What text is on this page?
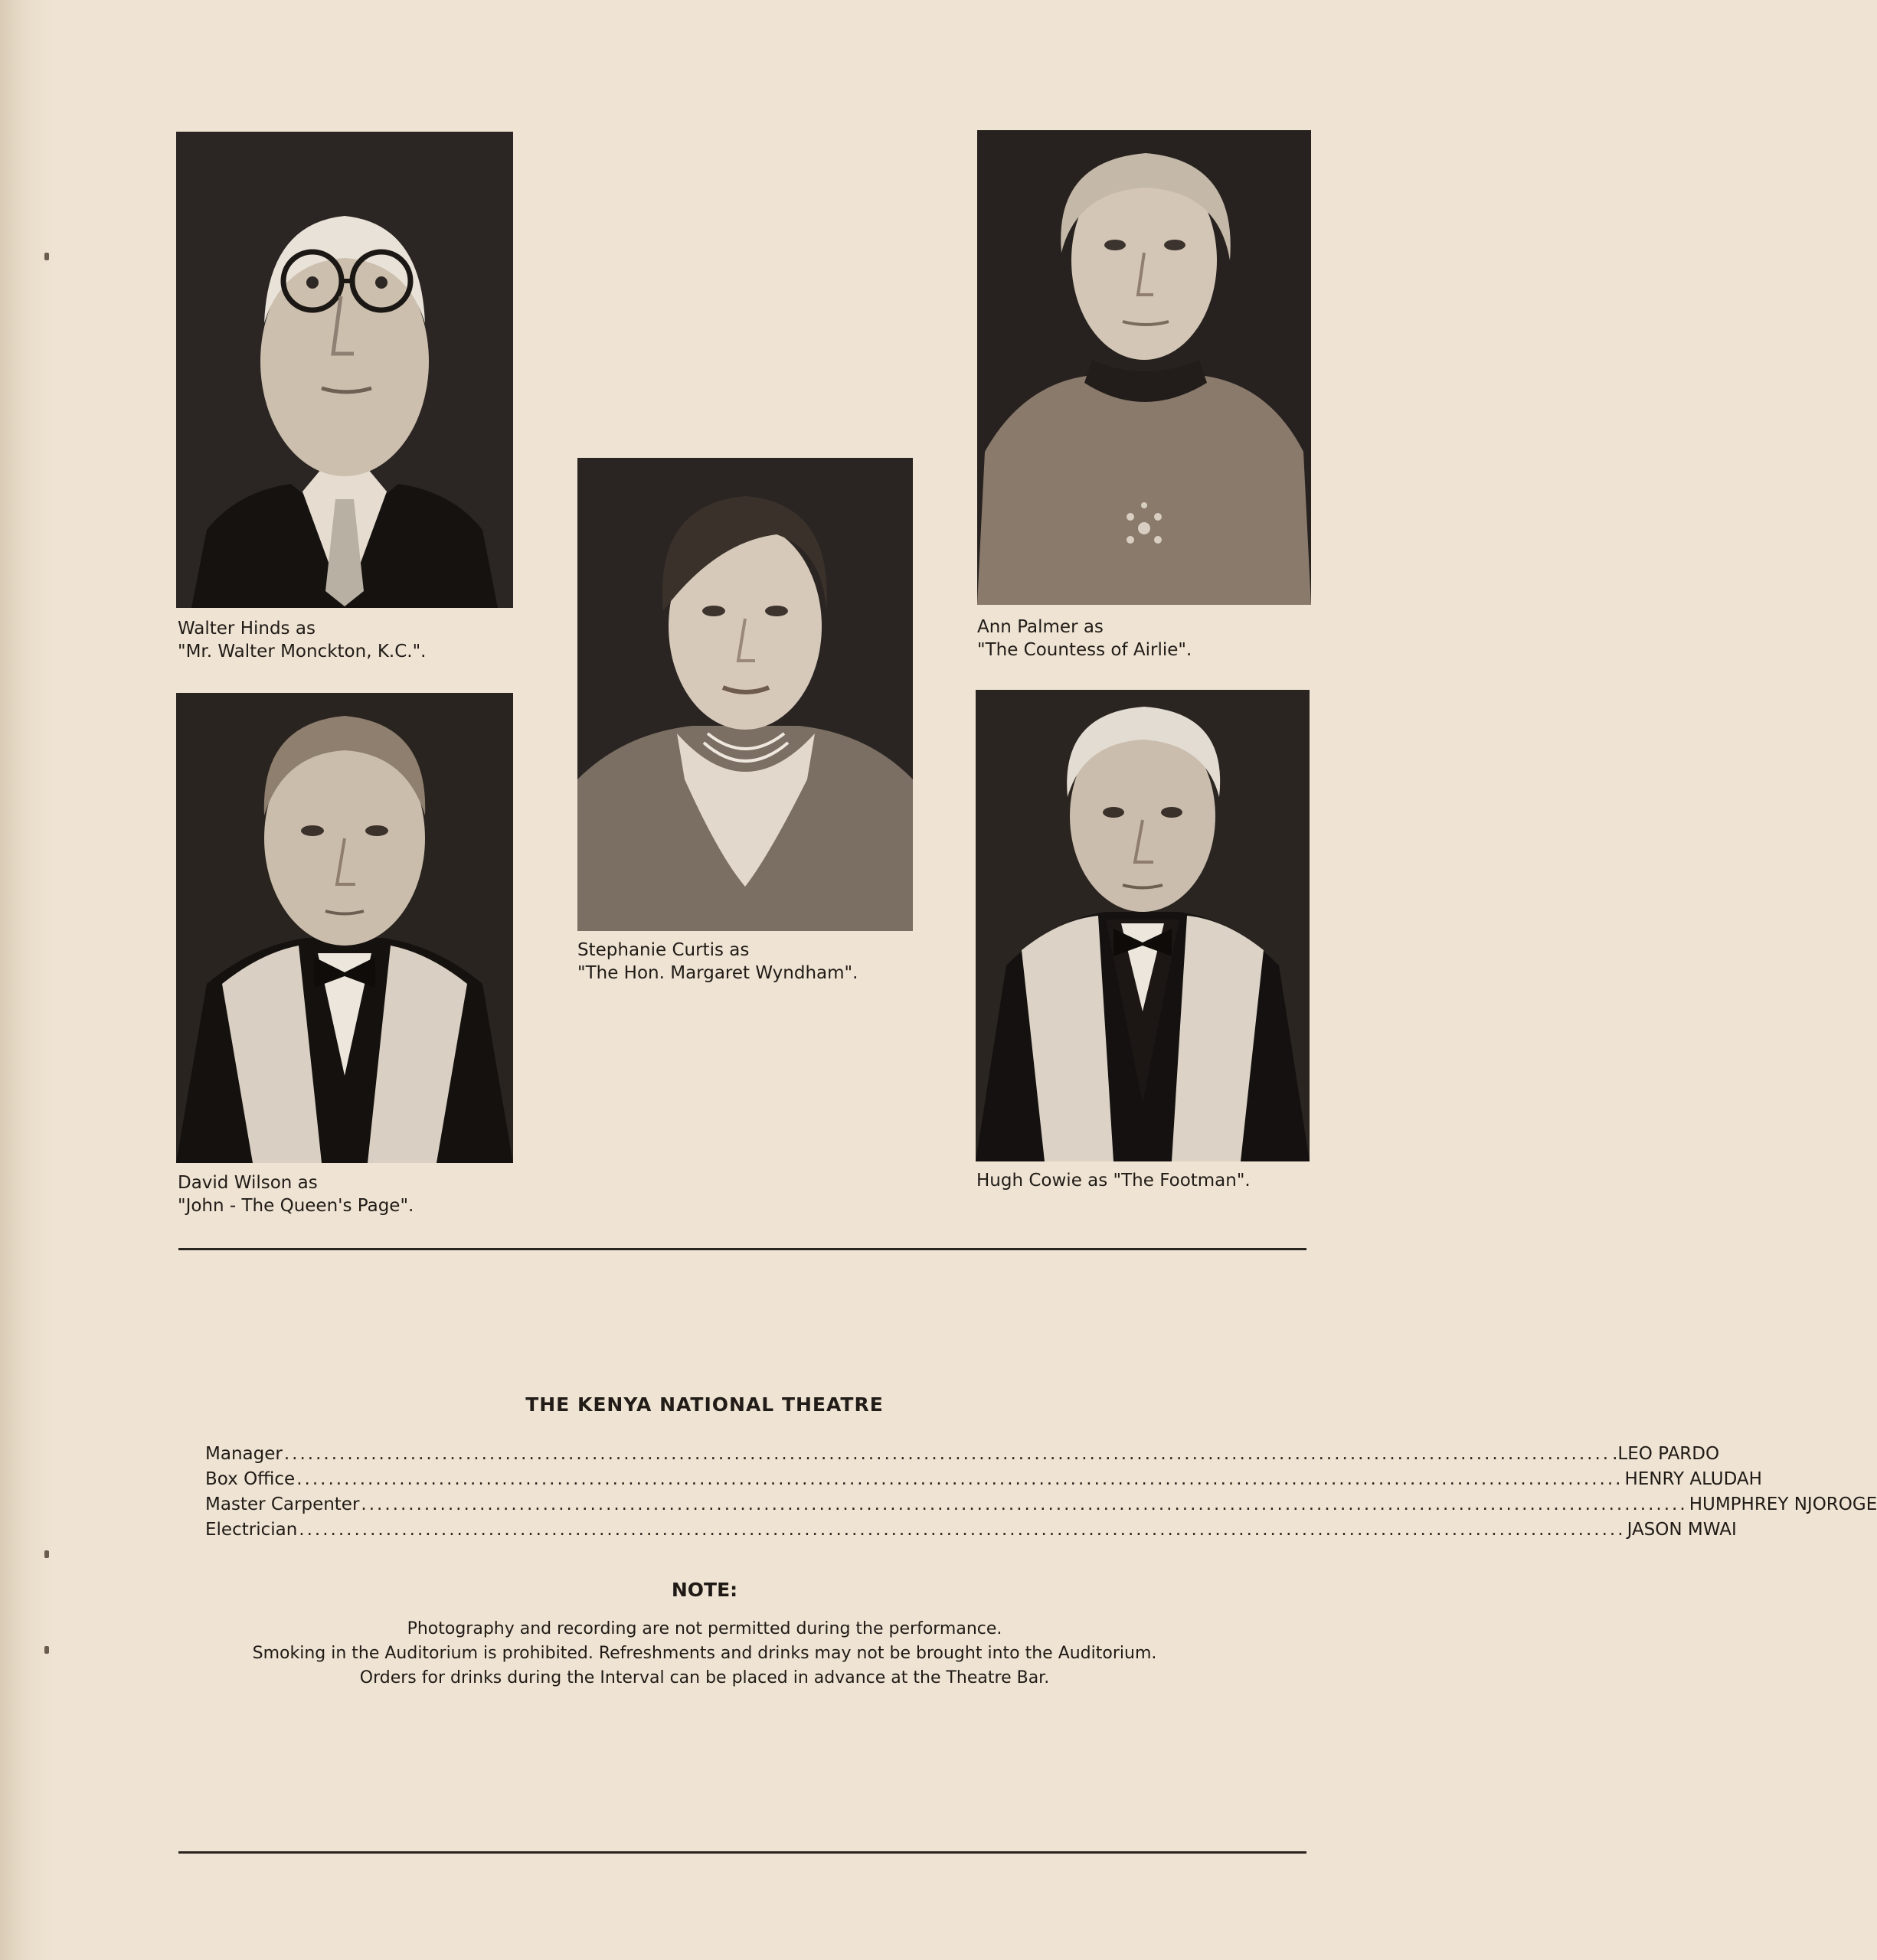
Walter Hinds as
"Mr. Walter Monckton, K.C.".
Ann Palmer as
"The Countess of Airlie".
Stephanie Curtis as
"The Hon. Margaret Wyndham".
David Wilson as
"John - The Queen's Page".
Hugh Cowie as "The Footman".
THE KENYA NATIONAL THEATRE
Manager ........................................................................................................................................................................ .LEO PARDO
Box Office ........................................................................................................................................................................ HENRY ALUDAH
Master Carpenter ........................................................................................................................................................................ HUMPHREY NJOROGE
Electrician ........................................................................................................................................................................ JASON MWAI
NOTE:
Photography and recording are not permitted during the performance.
Smoking in the Auditorium is prohibited. Refreshments and drinks may not be brought into the Auditorium.
Orders for drinks during the Interval can be placed in advance at the Theatre Bar.
